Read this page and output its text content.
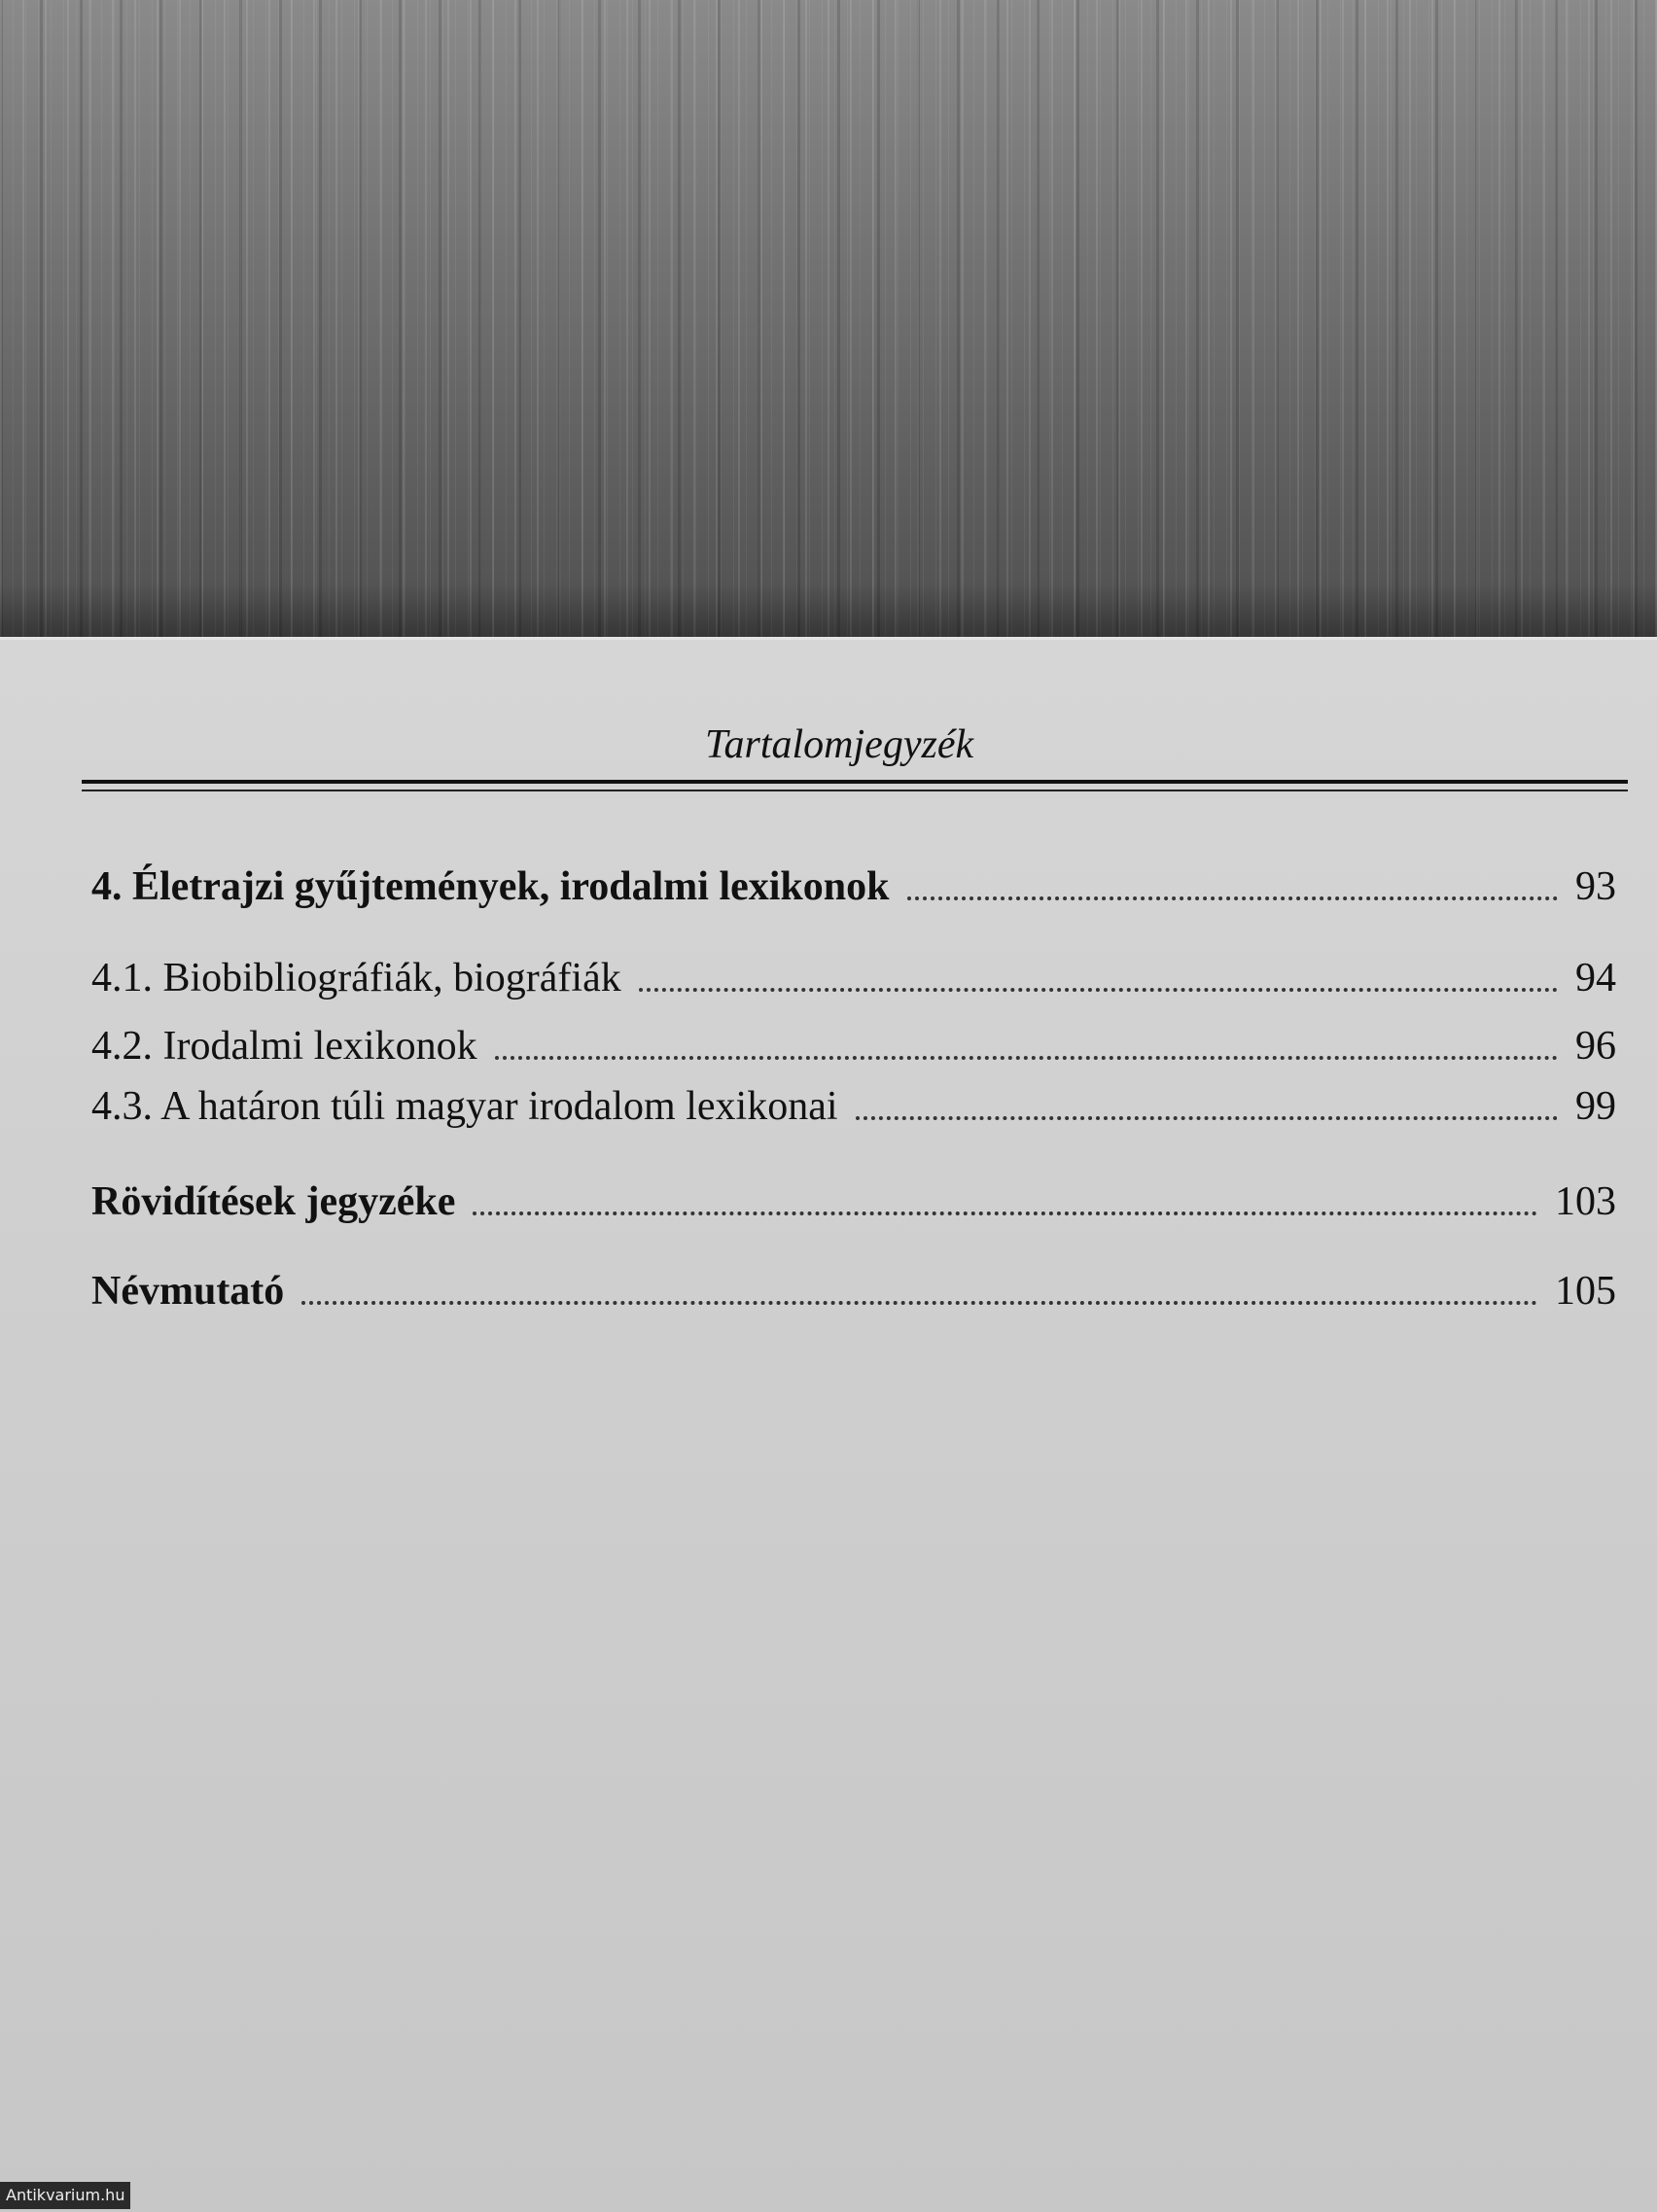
Tartalomjegyzék
4. Életrajzi gyűjtemények, irodalmi lexikonok	93
4.1. Biobibliográfiák, biográfiák	94
4.2. Irodalmi lexikonok	96
4.3. A határon túli magyar irodalom lexikonai	99
Rövidítések jegyzéke	103
Névmutató	105
Antikvarium.hu
